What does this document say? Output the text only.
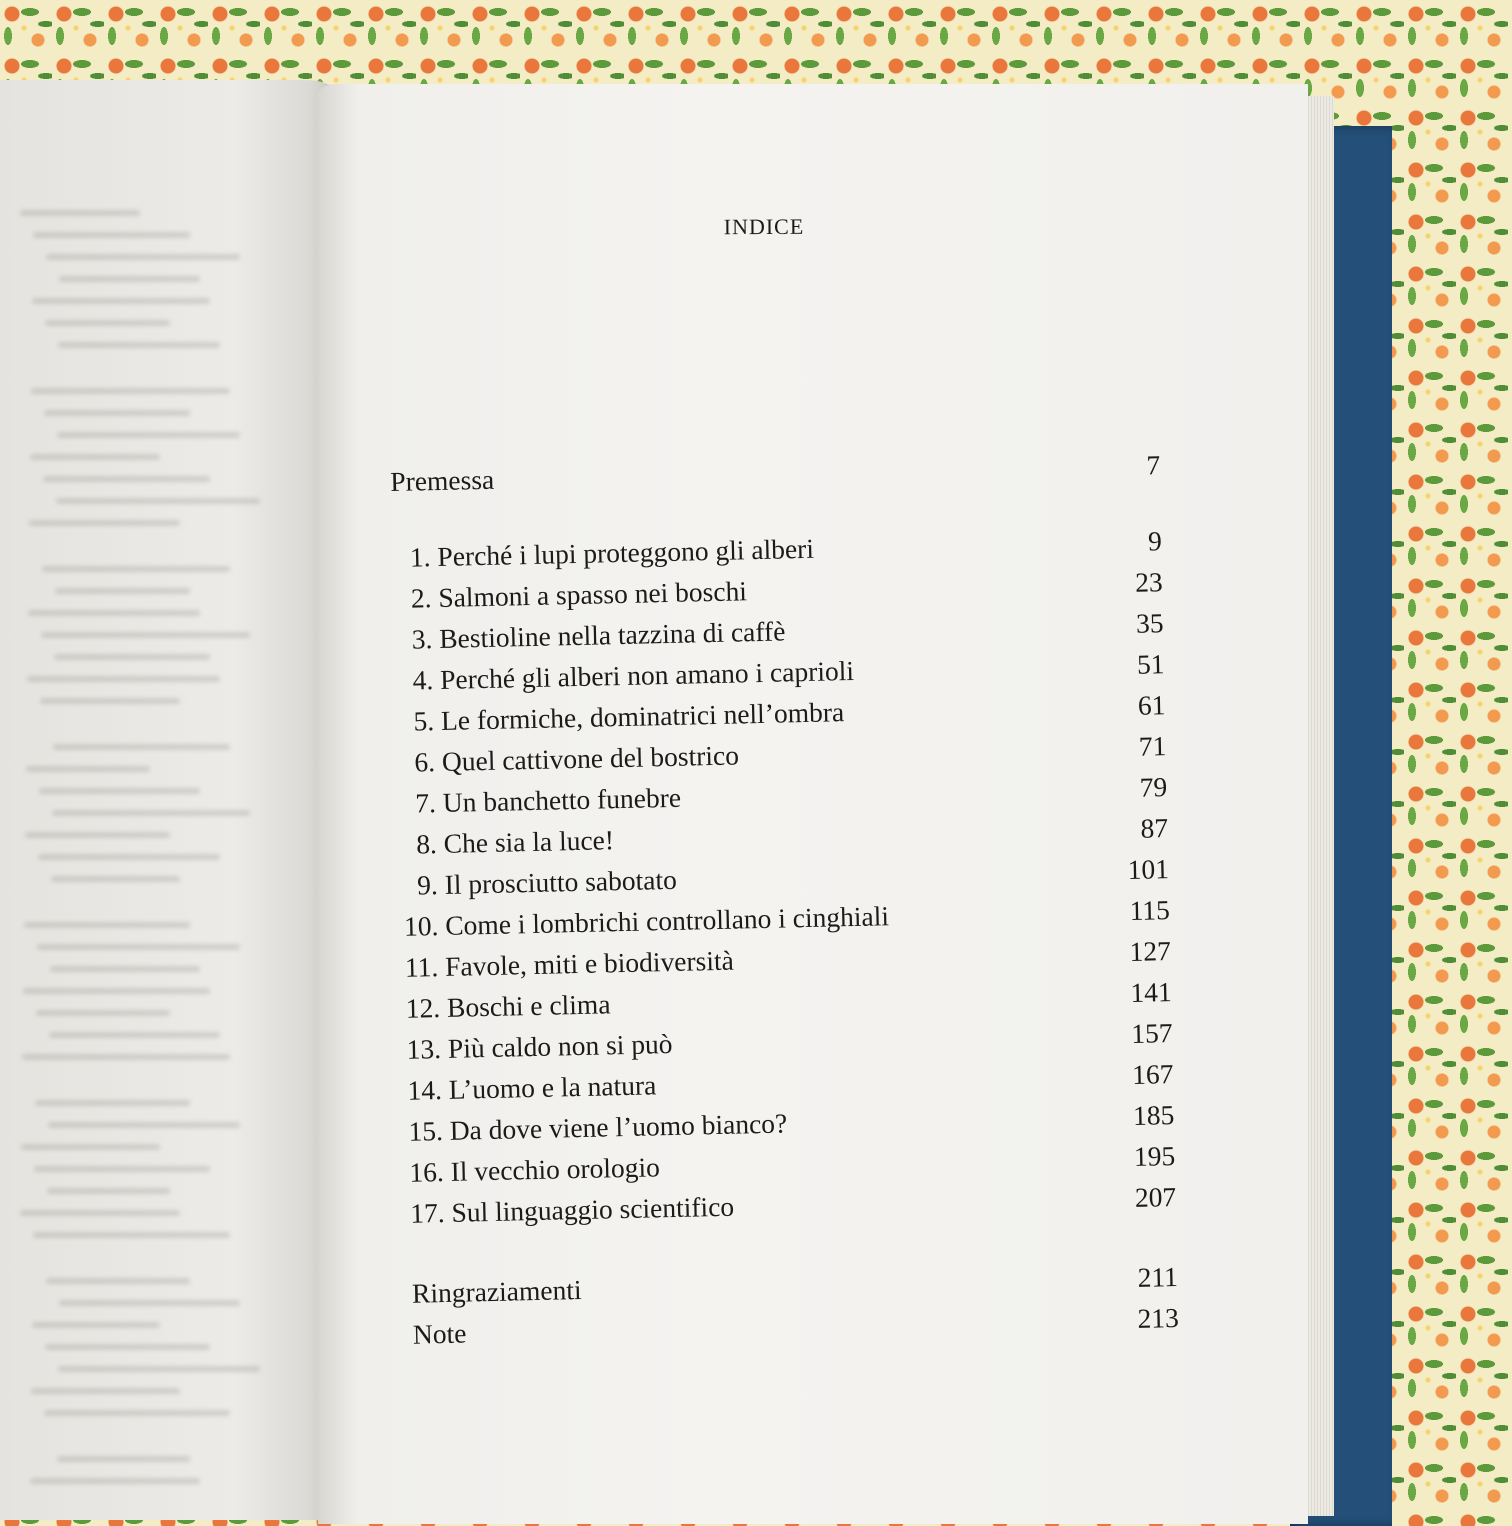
INDICE
Premessa	7
1. Perché i lupi proteggono gli alberi	9
2. Salmoni a spasso nei boschi	23
3. Bestioline nella tazzina di caffè	35
4. Perché gli alberi non amano i caprioli	51
5. Le formiche, dominatrici nell’ombra	61
6. Quel cattivone del bostrico	71
7. Un banchetto funebre	79
8. Che sia la luce!	87
9. Il prosciutto sabotato	101
10. Come i lombrichi controllano i cinghiali	115
11. Favole, miti e biodiversità	127
12. Boschi e clima	141
13. Più caldo non si può	157
14. L’uomo e la natura	167
15. Da dove viene l’uomo bianco?	185
16. Il vecchio orologio	195
17. Sul linguaggio scientifico	207
Ringraziamenti	211
Note	213
